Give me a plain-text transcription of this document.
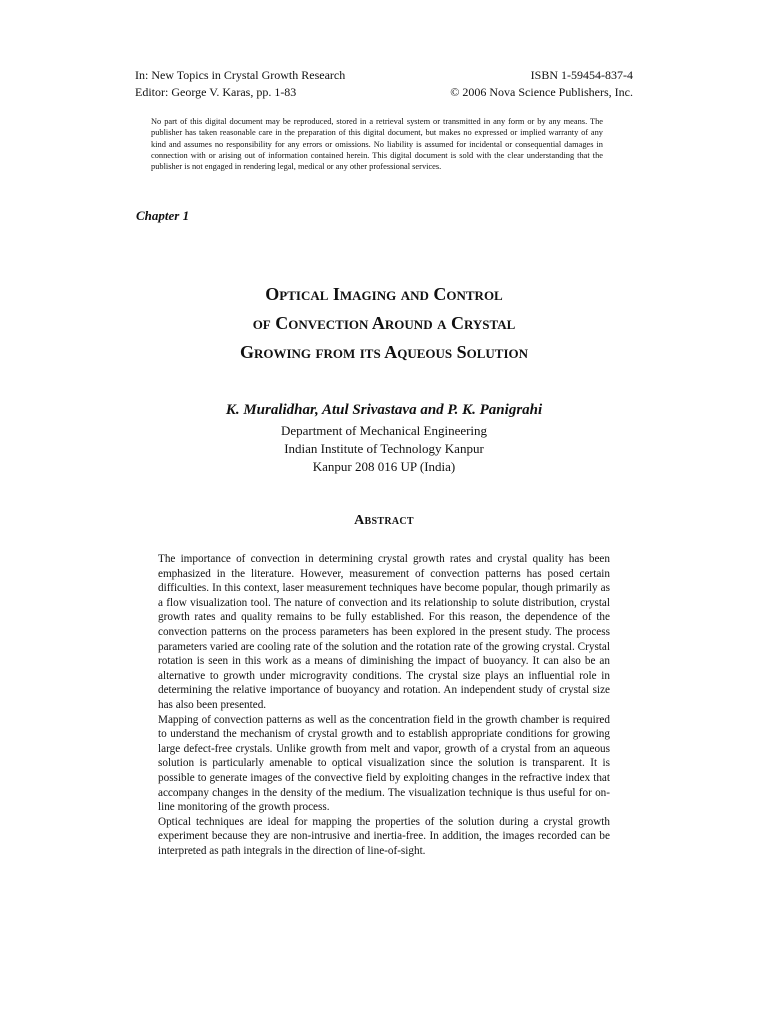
In: New Topics in Crystal Growth Research	ISBN 1-59454-837-4
Editor: George V. Karas, pp. 1-83	© 2006 Nova Science Publishers, Inc.
No part of this digital document may be reproduced, stored in a retrieval system or transmitted in any form or by any means. The publisher has taken reasonable care in the preparation of this digital document, but makes no expressed or implied warranty of any kind and assumes no responsibility for any errors or omissions. No liability is assumed for incidental or consequential damages in connection with or arising out of information contained herein. This digital document is sold with the clear understanding that the publisher is not engaged in rendering legal, medical or any other professional services.
Chapter 1
Optical Imaging and Control
of Convection Around a Crystal
Growing from its Aqueous Solution
K. Muralidhar, Atul Srivastava and P. K. Panigrahi
Department of Mechanical Engineering
Indian Institute of Technology Kanpur
Kanpur 208 016 UP (India)
Abstract

The importance of convection in determining crystal growth rates and crystal quality has been emphasized in the literature. However, measurement of convection patterns has posed certain difficulties. In this context, laser measurement techniques have become popular, though primarily as a flow visualization tool. The nature of convection and its relationship to solute distribution, crystal growth rates and quality remains to be fully established. For this reason, the dependence of the convection patterns on the process parameters has been explored in the present study. The process parameters varied are cooling rate of the solution and the rotation rate of the growing crystal. Crystal rotation is seen in this work as a means of diminishing the impact of buoyancy. It can also be an alternative to growth under microgravity conditions. The crystal size plays an influential role in determining the relative importance of buoyancy and rotation. An independent study of crystal size has also been presented.

Mapping of convection patterns as well as the concentration field in the growth chamber is required to understand the mechanism of crystal growth and to establish appropriate conditions for growing large defect-free crystals. Unlike growth from melt and vapor, growth of a crystal from an aqueous solution is particularly amenable to optical visualization since the solution is transparent. It is possible to generate images of the convective field by exploiting changes in the refractive index that accompany changes in the density of the medium. The visualization technique is thus useful for on-line monitoring of the growth process.

Optical techniques are ideal for mapping the properties of the solution during a crystal growth experiment because they are non-intrusive and inertia-free. In addition, the images recorded can be interpreted as path integrals in the direction of line-of-sight.
